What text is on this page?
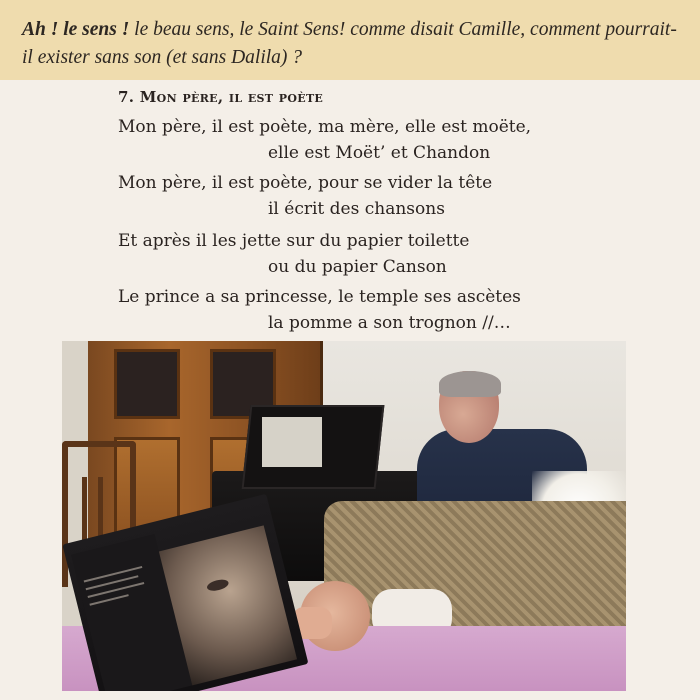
Ah ! le sens ! le beau sens, le Saint Sens! comme disait Camille, comment pourrait-il exister sans son (et sans Dalila) ?
7. Mon père, il est poète
Mon père, il est poète, ma mère, elle est moëte,
elle est Moët’ et Chandon
Mon père, il est poète, pour se vider la tête
il écrit des chansons
Et après il les jette sur du papier toilette
ou du papier Canson
Le prince a sa princesse, le temple ses ascètes
la pomme a son trognon //…
